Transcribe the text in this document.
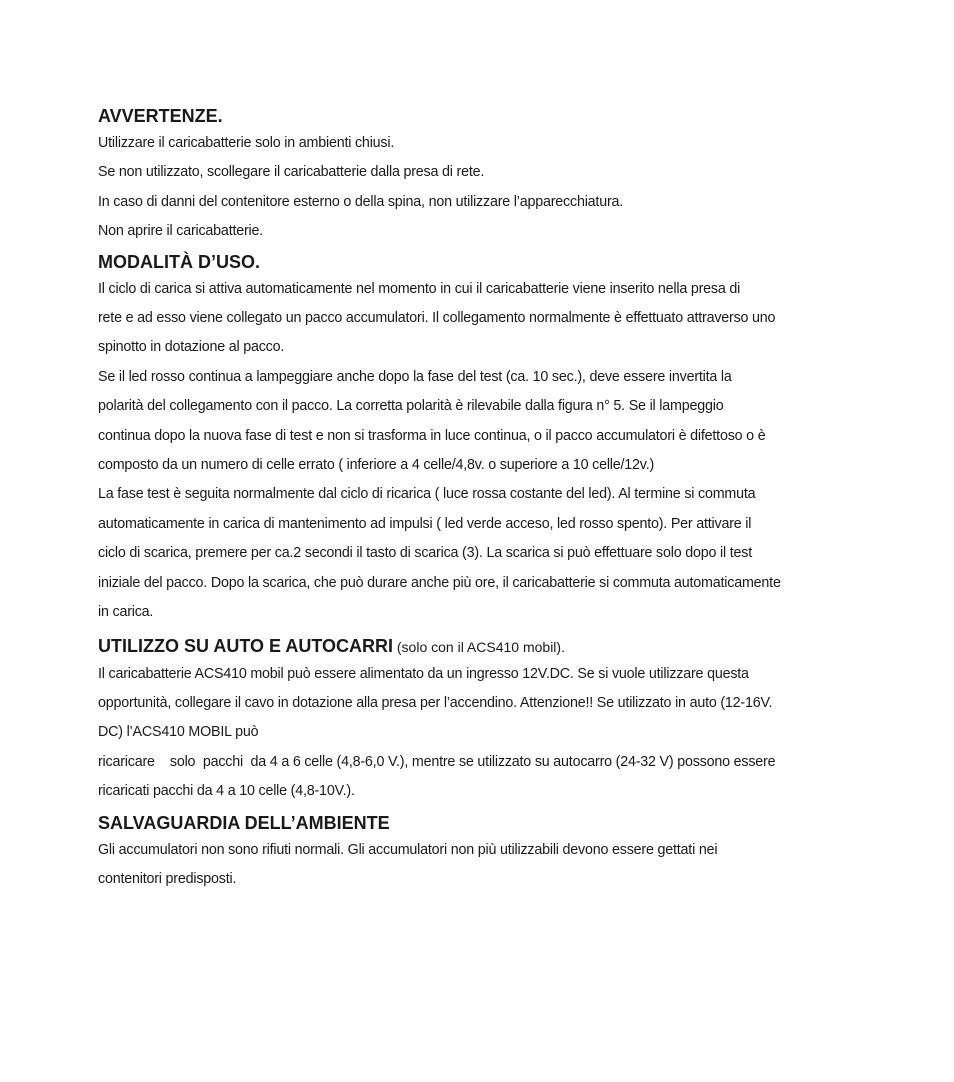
AVVERTENZE.

Utilizzare il caricabatterie solo in ambienti chiusi.
Se non utilizzato, scollegare il caricabatterie dalla presa di rete.
In caso di danni del contenitore esterno o della spina, non utilizzare l’apparecchiatura.
Non aprire il caricabatterie.

MODALITÀ D’USO.

Il ciclo di carica si attiva automaticamente nel momento in cui il caricabatterie viene inserito nella presa di
rete e ad esso viene collegato un pacco accumulatori. Il collegamento normalmente è effettuato attraverso uno
spinotto in dotazione al pacco.
Se il led rosso continua a lampeggiare anche dopo la fase del test (ca. 10 sec.), deve essere invertita la
polarità del collegamento con il pacco. La corretta polarità è rilevabile dalla figura n° 5. Se il lampeggio
continua dopo la nuova fase di test e non si trasforma in luce continua, o il pacco accumulatori è difettoso o è
composto da un numero di celle errato ( inferiore a 4 celle/4,8v. o superiore a 10 celle/12v.)
La fase test è seguita normalmente dal ciclo di ricarica ( luce rossa costante del led). Al termine si commuta
automaticamente in carica di mantenimento ad impulsi ( led verde acceso, led rosso spento). Per attivare il
ciclo di scarica, premere per ca.2 secondi il tasto di scarica (3). La scarica si può effettuare solo dopo il test
iniziale del pacco. Dopo la scarica, che può durare anche più ore, il caricabatterie si commuta automaticamente
in carica.

UTILIZZO SU AUTO E AUTOCARRI (solo con il ACS410 mobil).

Il caricabatterie ACS410 mobil può essere alimentato da un ingresso 12V.DC. Se si vuole utilizzare questa
opportunità, collegare il cavo in dotazione alla presa per l’accendino. Attenzione!! Se utilizzato in auto (12-16V.
DC) l’ACS410 MOBIL può
ricaricare    solo  pacchi  da 4 a 6 celle (4,8-6,0 V.), mentre se utilizzato su autocarro (24-32 V) possono essere
ricaricati pacchi da 4 a 10 celle (4,8-10V.).

SALVAGUARDIA DELL’AMBIENTE

Gli accumulatori non sono rifiuti normali. Gli accumulatori non più utilizzabili devono essere gettati nei
contenitori predisposti.
